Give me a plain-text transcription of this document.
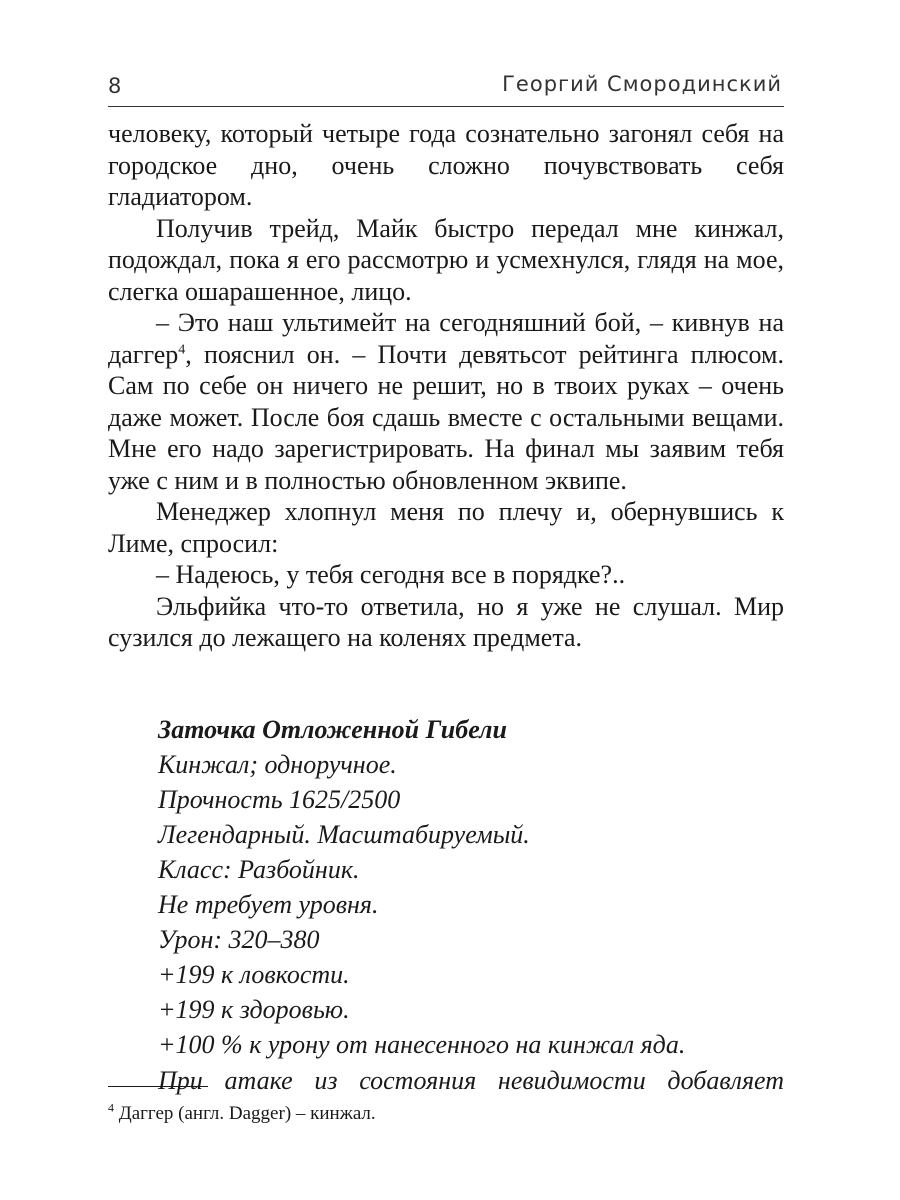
8	Георгий Смородинский

человеку, который четыре года сознательно загонял себя на городское дно, очень сложно почувствовать себя гладиатором.

Получив трейд, Майк быстро передал мне кинжал, подождал, пока я его рассмотрю и усмехнулся, глядя на мое, слегка ошарашенное, лицо.

– Это наш ультимейт на сегодняшний бой, – кивнув на даггер$^4$, пояснил он. – Почти девятьсот рейтинга плюсом. Сам по себе он ничего не решит, но в твоих руках – очень даже может. После боя сдашь вместе с остальными вещами. Мне его надо зарегистрировать. На финал мы заявим тебя уже с ним и в полностью обновленном эквипе.

Менеджер хлопнул меня по плечу и, обернувшись к Лиме, спросил:

– Надеюсь, у тебя сегодня все в порядке?..

Эльфийка что-то ответила, но я уже не слушал. Мир сузился до лежащего на коленях предмета.

Заточка Отложенной Гибели
Кинжал; одноручное.
Прочность 1625/2500
Легендарный. Масштабируемый.
Класс: Разбойник.
Не требует уровня.
Урон: 320–380
+199 к ловкости.
+199 к здоровью.
+100 % к урону от нанесенного на кинжал яда.
При атаке из состояния невидимости добавляет
$^4$ Даггер (англ. Dagger) – кинжал.
